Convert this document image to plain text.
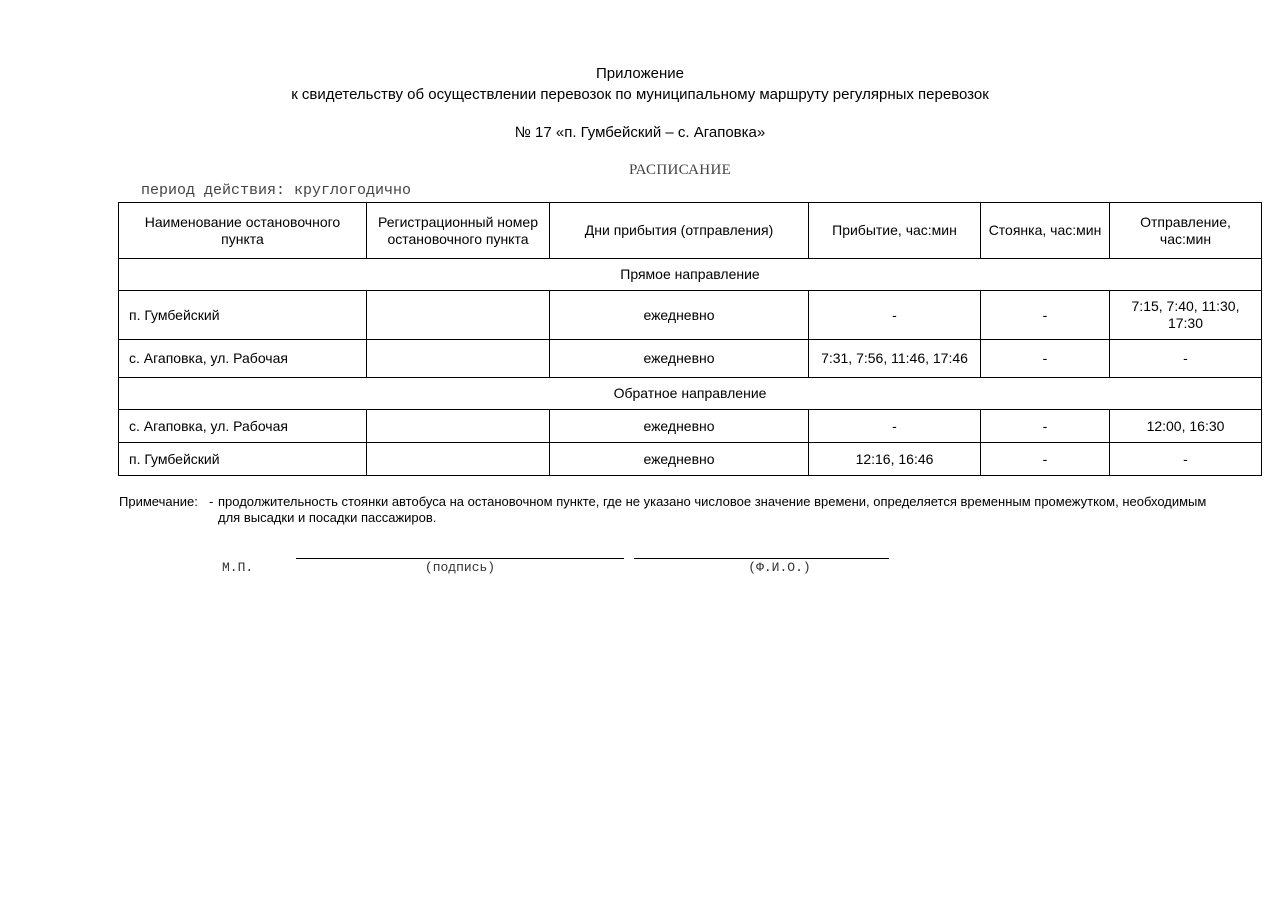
Приложение
к свидетельству об осуществлении перевозок по муниципальному маршруту регулярных перевозок
№ 17 «п. Гумбейский – с. Агаповка»
РАСПИСАНИЕ
период действия: круглогодично
Наименование остановочного пункта	Регистрационный номер остановочного пункта	Дни прибытия (отправления)	Прибытие, час:мин	Стоянка, час:мин	Отправление, час:мин
Прямое направление					
п. Гумбейский		ежедневно	-	-	7:15, 7:40, 11:30, 17:30
с. Агаповка, ул. Рабочая		ежедневно	7:31, 7:56, 11:46, 17:46	-	-
Обратное направление					
с. Агаповка, ул. Рабочая		ежедневно	-	-	12:00, 16:30
п. Гумбейский		ежедневно	12:16, 16:46	-	-
Примечание: - продолжительность стоянки автобуса на остановочном пункте, где не указано числовое значение времени, определяется временным промежутком, необходимым для высадки и посадки пассажиров.
М.П.	(подпись)	(Ф.И.О.)
